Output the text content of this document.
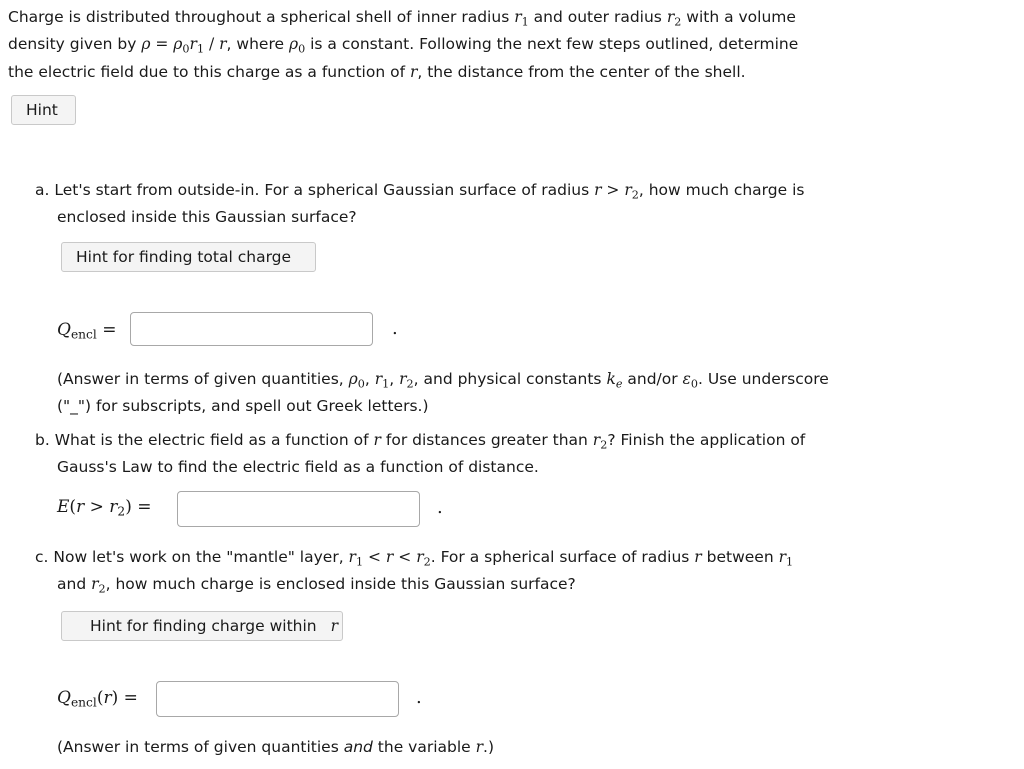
Charge is distributed throughout a spherical shell of inner radius $r_1$ and outer radius $r_2$ with a volume
density given by $\rho = \rho_0r_1 / r$, where $\rho_0$ is a constant. Following the next few steps outlined, determine
the electric field due to this charge as a function of r, the distance from the center of the shell.
Hint
a. Let's start from outside-in. For a spherical Gaussian surface of radius $r > r_2$, how much charge is
enclosed inside this Gaussian surface?
Hint for finding total charge
$Q_{encl}$ =	.
(Answer in terms of given quantities, $\rho_0$, $r_1$, $r_2$, and physical constants $k_e$ and/or $\varepsilon_0$. Use underscore
("_") for subscripts, and spell out Greek letters.)
b. What is the electric field as a function of r for distances greater than $r_2$? Finish the application of
Gauss's Law to find the electric field as a function of distance.
$E(r > r_2)$ =	.
c. Now let's work on the "mantle" layer, $r_1 < r < r_2$. For a spherical surface of radius r between $r_1$
and $r_2$, how much charge is enclosed inside this Gaussian surface?
Hint for finding charge withinr
$Q_{encl}(r)$ =	.
(Answer in terms of given quantities and the variable r.)
